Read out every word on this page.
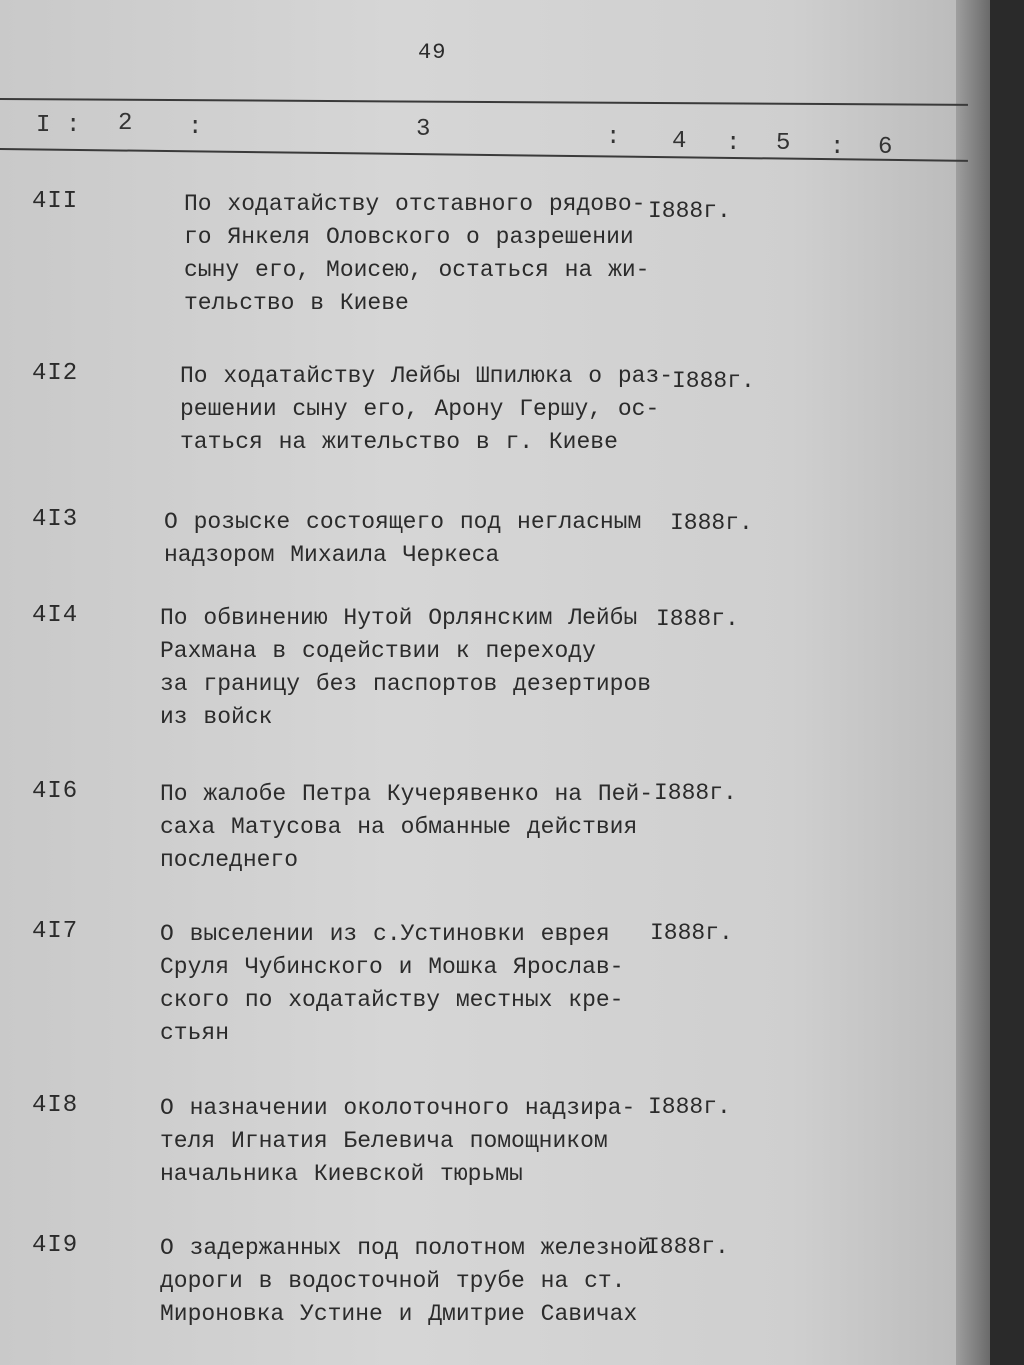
49
I : 2 :	3	: 4 : 5 : 6
4II	По ходатайству отставного рядово-
го Янкеля Оловского о разрешении
сыну его, Моисею, остаться на жи-
тельство в Киеве
I888г.
4I2	По ходатайству Лейбы Шпилюка о раз-
решении сыну его, Арону Гершу, ос-
таться на жительство в г. Киеве
I888г.
4I3	О розыске состоящего под негласным
надзором Михаила Черкеса
I888г.
4I4	По обвинению Нутой Орлянским Лейбы
Рахмана в содействии к переходу
за границу без паспортов дезертиров
из войск
I888г.
4I6	По жалобе Петра Кучерявенко на Пей-
саха Матусова на обманные действия
последнего
I888г.
4I7	О выселении из с.Устиновки еврея
Сруля Чубинского и Мошка Ярослав-
ского по ходатайству местных кре-
стьян
I888г.
4I8	О назначении околоточного надзира-
теля Игнатия Белевича помощником
начальника Киевской тюрьмы
I888г.
4I9	О задержанных под полотном железной
дороги в водосточной трубе на ст.
Мироновка Устине и Дмитрие Савичах
I888г.
